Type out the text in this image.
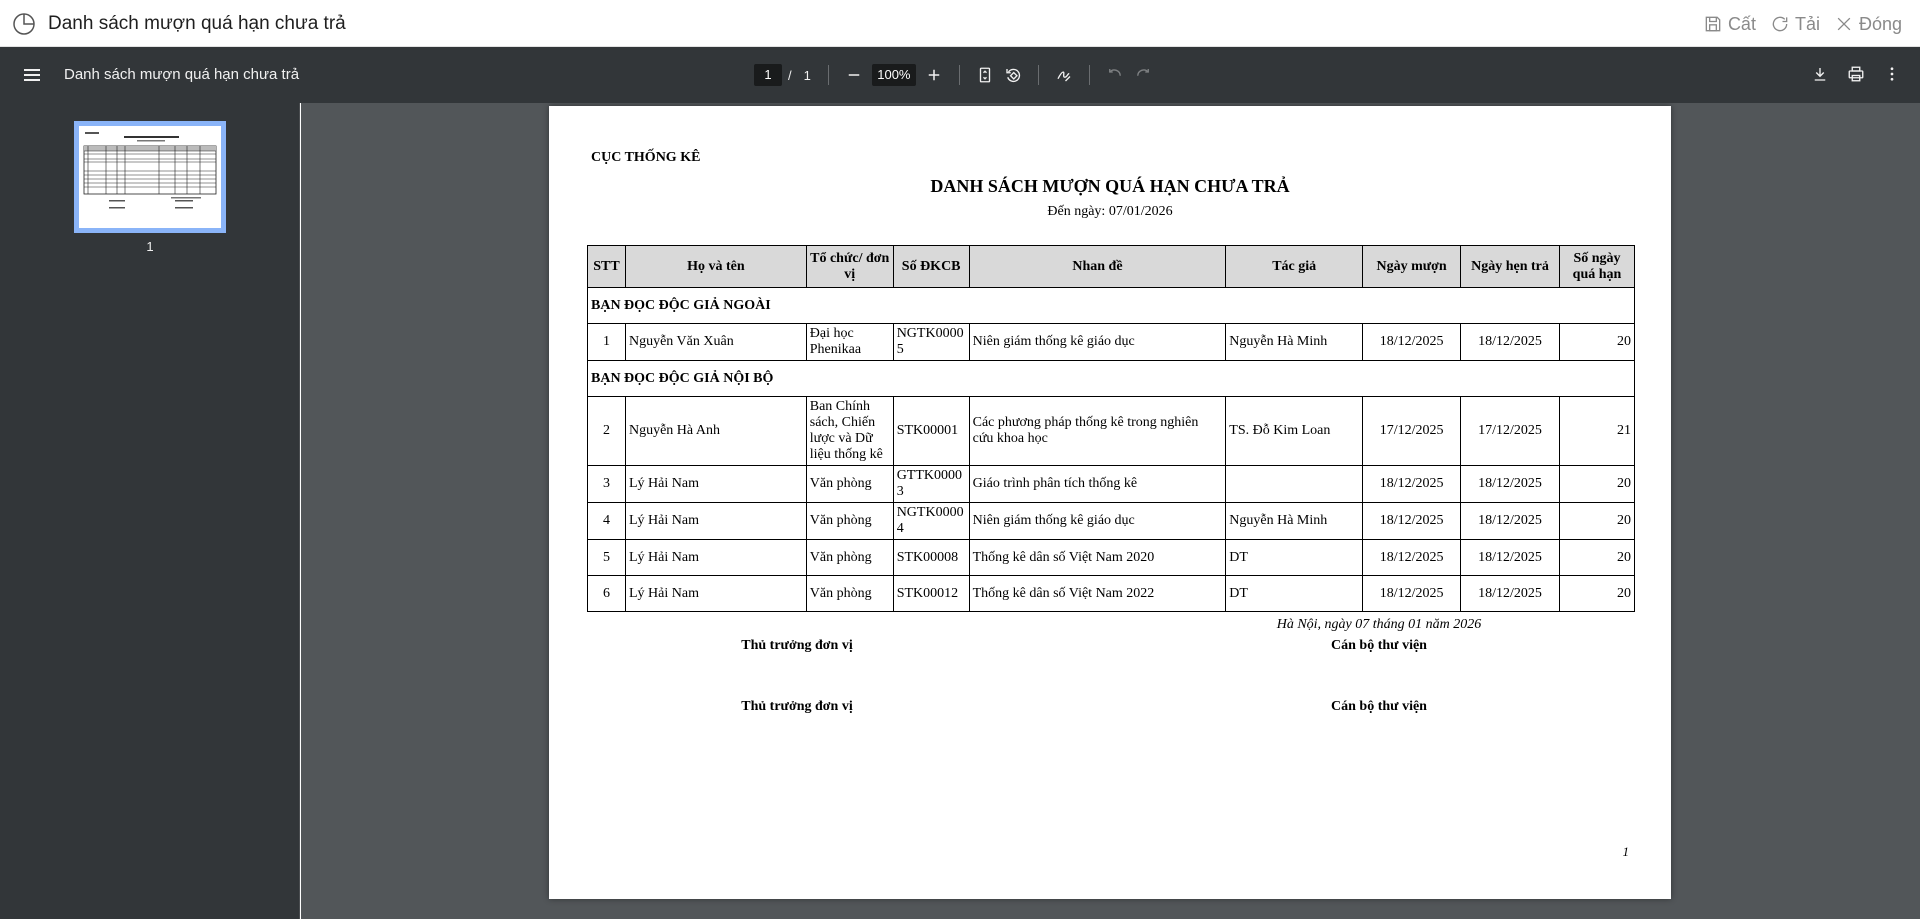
Danh sách mượn quá hạn chưa trả	Cất Tải Đóng
Danh sách mượn quá hạn chưa trả	1	/ 1	100%
1
CỤC THỐNG KÊ
DANH SÁCH MƯỢN QUÁ HẠN CHƯA TRẢ
Đến ngày: 07/01/2026
STT	Họ và tên	Tổ chức/ đơn vị	Số ĐKCB	Nhan đề	Tác giả	Ngày mượn	Ngày hẹn trả	Số ngày quá hạn
BẠN ĐỌC ĐỘC GIẢ NGOÀI								
1	Nguyễn Văn Xuân	Đại học Phenikaa	NGTK00005	Niên giám thống kê giáo dục	Nguyễn Hà Minh	18/12/2025	18/12/2025	20
BẠN ĐỌC ĐỘC GIẢ NỘI BỘ								
2	Nguyễn Hà Anh	Ban Chính sách, Chiến lược và Dữ liệu thống kê	STK00001	Các phương pháp thống kê trong nghiên cứu khoa học	TS. Đỗ Kim Loan	17/12/2025	17/12/2025	21
3	Lý Hải Nam	Văn phòng	GTTK00003	Giáo trình phân tích thống kê		18/12/2025	18/12/2025	20
4	Lý Hải Nam	Văn phòng	NGTK00004	Niên giám thống kê giáo dục	Nguyễn Hà Minh	18/12/2025	18/12/2025	20
5	Lý Hải Nam	Văn phòng	STK00008	Thống kê dân số Việt Nam 2020	DT	18/12/2025	18/12/2025	20
6	Lý Hải Nam	Văn phòng	STK00012	Thống kê dân số Việt Nam 2022	DT	18/12/2025	18/12/2025	20
Hà Nội, ngày 07 tháng 01 năm 2026
Thủ trưởng đơn vị	Cán bộ thư viện
Thủ trưởng đơn vị	Cán bộ thư viện
1
